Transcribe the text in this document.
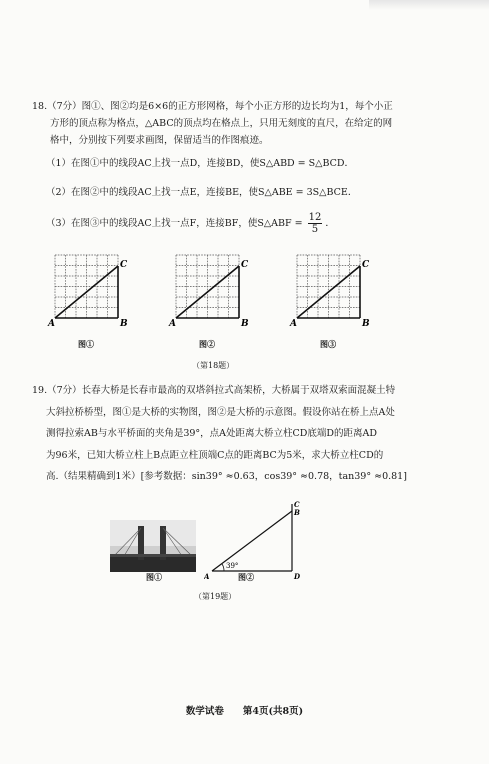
18.（7分）图①、图②均是6×6的正方形网格，每个小正方形的边长均为1，每个小正
方形的顶点称为格点，△ABC的顶点均在格点上，只用无刻度的直尺，在给定的网
格中，分别按下列要求画图，保留适当的作图痕迹。
（1）在图①中的线段AC上找一点D，连接BD，使S△ABD = S△BCD．
（2）在图②中的线段AC上找一点E，连接BE，使S△ABE = 3S△BCE．
（3）在图③中的线段AC上找一点F，连接BF，使S△ABF = $\frac{12}{5}$ ．
A	B
C
A	B
C
A	B
C
图①	图②	图③
（第18题）
19.（7分）长春大桥是长春市最高的双塔斜拉式高架桥，大桥属于双塔双索面混凝土特
大斜拉桥桥型，图①是大桥的实物图，图②是大桥的示意图。假设你站在桥上点A处
测得拉索AB与水平桥面的夹角是39°，点A处距离大桥立柱CD底端D的距离AD
为96米，已知大桥立柱上B点距立柱顶端C点的距离BC为5米，求大桥立柱CD的
高.（结果精确到1米）[参考数据：sin39° ≈0.63，cos39° ≈0.78，tan39° ≈0.81]
图①
39°
A
B
C
D
图②
（第19题）
数学试卷　　第4页(共8页)
